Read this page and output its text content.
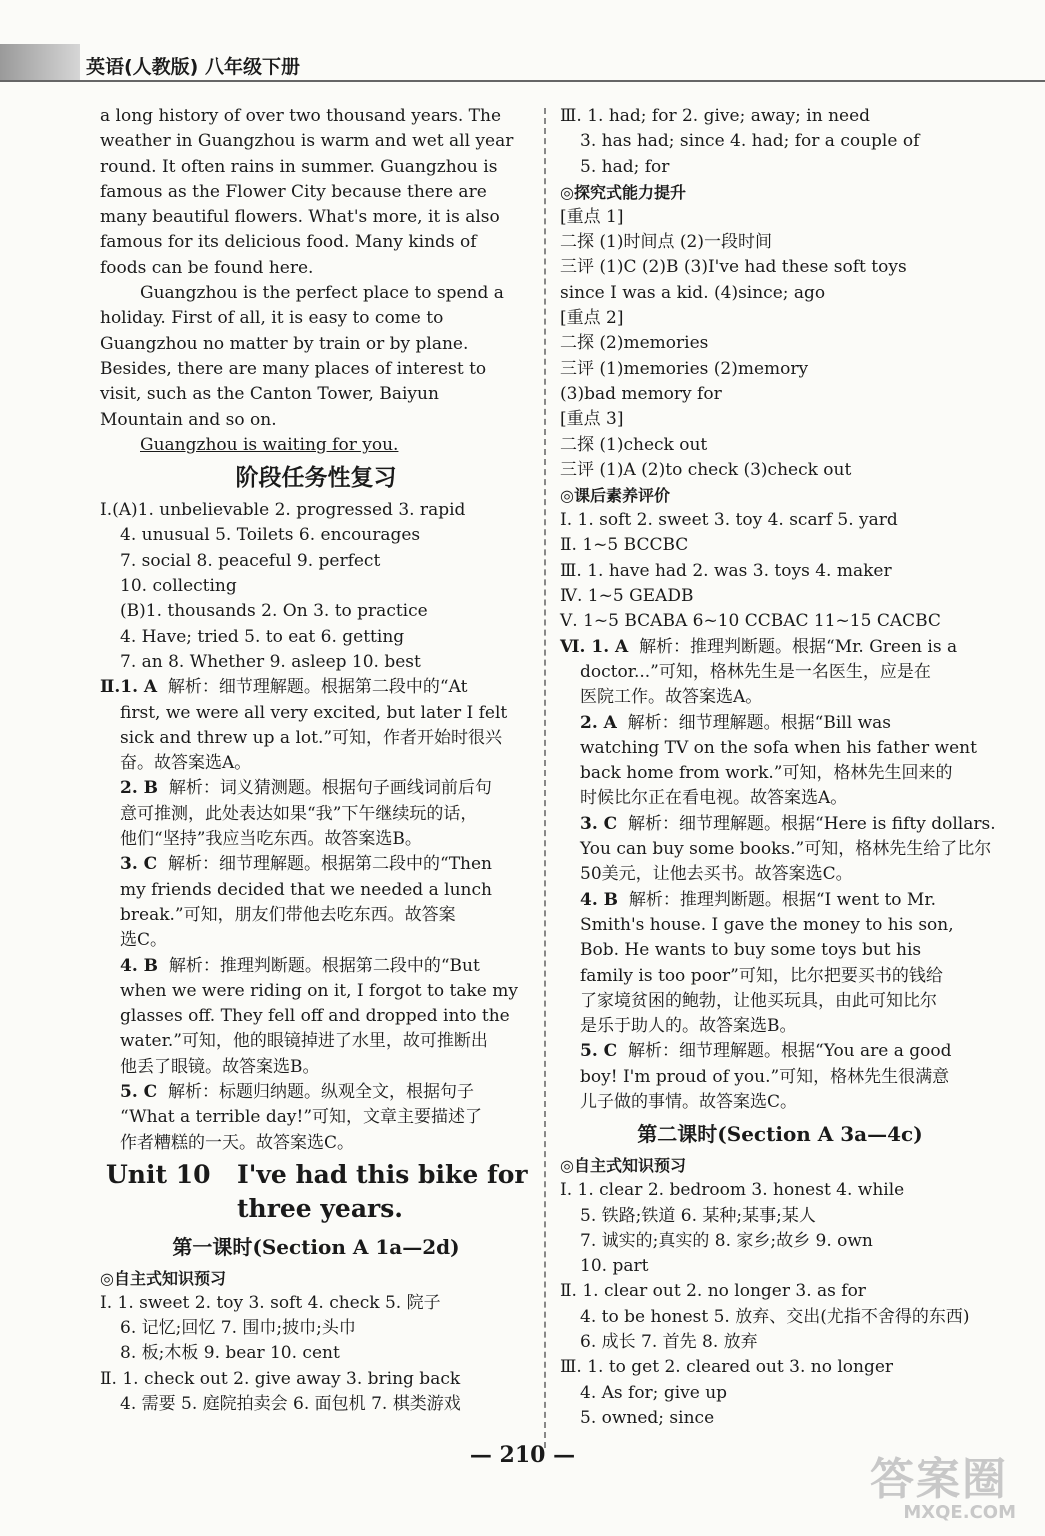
英语(人教版) 八年级下册
a long history of over two thousand years. The
weather in Guangzhou is warm and wet all year
round. It often rains in summer. Guangzhou is
famous as the Flower City because there are
many beautiful flowers. What's more, it is also
famous for its delicious food. Many kinds of
foods can be found here.
Guangzhou is the perfect place to spend a
holiday. First of all, it is easy to come to
Guangzhou no matter by train or by plane.
Besides, there are many places of interest to
visit, such as the Canton Tower, Baiyun
Mountain and so on.
Guangzhou is waiting for you.
阶段任务性复习
Ⅰ.(A)1. unbelievable 2. progressed 3. rapid
4. unusual 5. Toilets 6. encourages
7. social 8. peaceful 9. perfect
10. collecting
(B)1. thousands 2. On 3. to practice
4. Have; tried 5. to eat 6. getting
7. an 8. Whether 9. asleep 10. best
Ⅱ.1. A 解析：细节理解题。根据第二段中的“At
first, we were all very excited, but later I felt
sick and threw up a lot.”可知，作者开始时很兴
奋。故答案选A。
2. B 解析：词义猜测题。根据句子画线词前后句
意可推测，此处表达如果“我”下午继续玩的话，
他们“坚持”我应当吃东西。故答案选B。
3. C 解析：细节理解题。根据第二段中的“Then
my friends decided that we needed a lunch
break.”可知，朋友们带他去吃东西。故答案
选C。
4. B 解析：推理判断题。根据第二段中的“But
when we were riding on it, I forgot to take my
glasses off. They fell off and dropped into the
water.”可知，他的眼镜掉进了水里，故可推断出
他丢了眼镜。故答案选B。
5. C 解析：标题归纳题。纵观全文，根据句子
“What a terrible day!”可知，文章主要描述了
作者糟糕的一天。故答案选C。
Unit 10 I've had this bike for
three years.
第一课时(Section A 1a—2d)
◎自主式知识预习
Ⅰ. 1. sweet 2. toy 3. soft 4. check 5. 院子
6. 记忆;回忆 7. 围巾;披巾;头巾
8. 板;木板 9. bear 10. cent
Ⅱ. 1. check out 2. give away 3. bring back
4. 需要 5. 庭院拍卖会 6. 面包机 7. 棋类游戏
Ⅲ. 1. had; for 2. give; away; in need
3. has had; since 4. had; for a couple of
5. had; for
◎探究式能力提升
[重点 1]
二探 (1)时间点 (2)一段时间
三评 (1)C (2)B (3)I've had these soft toys
since I was a kid. (4)since; ago
[重点 2]
二探 (2)memories
三评 (1)memories (2)memory
(3)bad memory for
[重点 3]
二探 (1)check out
三评 (1)A (2)to check (3)check out
◎课后素养评价
Ⅰ. 1. soft 2. sweet 3. toy 4. scarf 5. yard
Ⅱ. 1~5 BCCBC
Ⅲ. 1. have had 2. was 3. toys 4. maker
Ⅳ. 1~5 GEADB
Ⅴ. 1~5 BCABA 6~10 CCBAC 11~15 CACBC
Ⅵ. 1. A 解析：推理判断题。根据“Mr. Green is a
doctor...”可知，格林先生是一名医生，应是在
医院工作。故答案选A。
2. A 解析：细节理解题。根据“Bill was
watching TV on the sofa when his father went
back home from work.”可知，格林先生回来的
时候比尔正在看电视。故答案选A。
3. C 解析：细节理解题。根据“Here is fifty dollars.
You can buy some books.”可知，格林先生给了比尔
50美元，让他去买书。故答案选C。
4. B 解析：推理判断题。根据“I went to Mr.
Smith's house. I gave the money to his son,
Bob. He wants to buy some toys but his
family is too poor”可知，比尔把要买书的钱给
了家境贫困的鲍勃，让他买玩具，由此可知比尔
是乐于助人的。故答案选B。
5. C 解析：细节理解题。根据“You are a good
boy! I'm proud of you.”可知，格林先生很满意
儿子做的事情。故答案选C。
第二课时(Section A 3a—4c)
◎自主式知识预习
Ⅰ. 1. clear 2. bedroom 3. honest 4. while
5. 铁路;铁道 6. 某种;某事;某人
7. 诚实的;真实的 8. 家乡;故乡 9. own
10. part
Ⅱ. 1. clear out 2. no longer 3. as for
4. to be honest 5. 放弃、交出(尤指不舍得的东西)
6. 成长 7. 首先 8. 放弃
Ⅲ. 1. to get 2. cleared out 3. no longer
4. As for; give up
5. owned; since
— 210 —	答案圈
MXQE.COM
